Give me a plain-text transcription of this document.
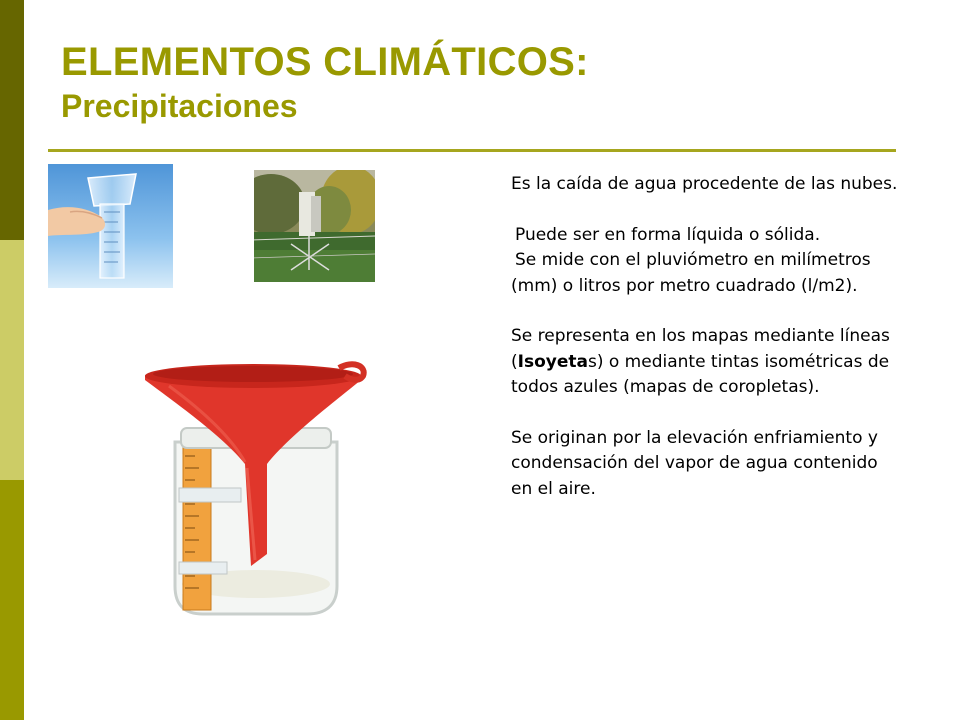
ELEMENTOS CLIMÁTICOS:
Precipitaciones

Es la caída de agua procedente de las nubes.

Puede ser en forma líquida o sólida.

Se mide con el pluviómetro en milímetros (mm) o litros por metro cuadrado (l/m2).

Se representa en los mapas mediante líneas (Isoyetas) o mediante tintas isométricas de todos azules (mapas de coropletas).

Se originan por la elevación enfriamiento y condensación del vapor de agua contenido en el aire.
